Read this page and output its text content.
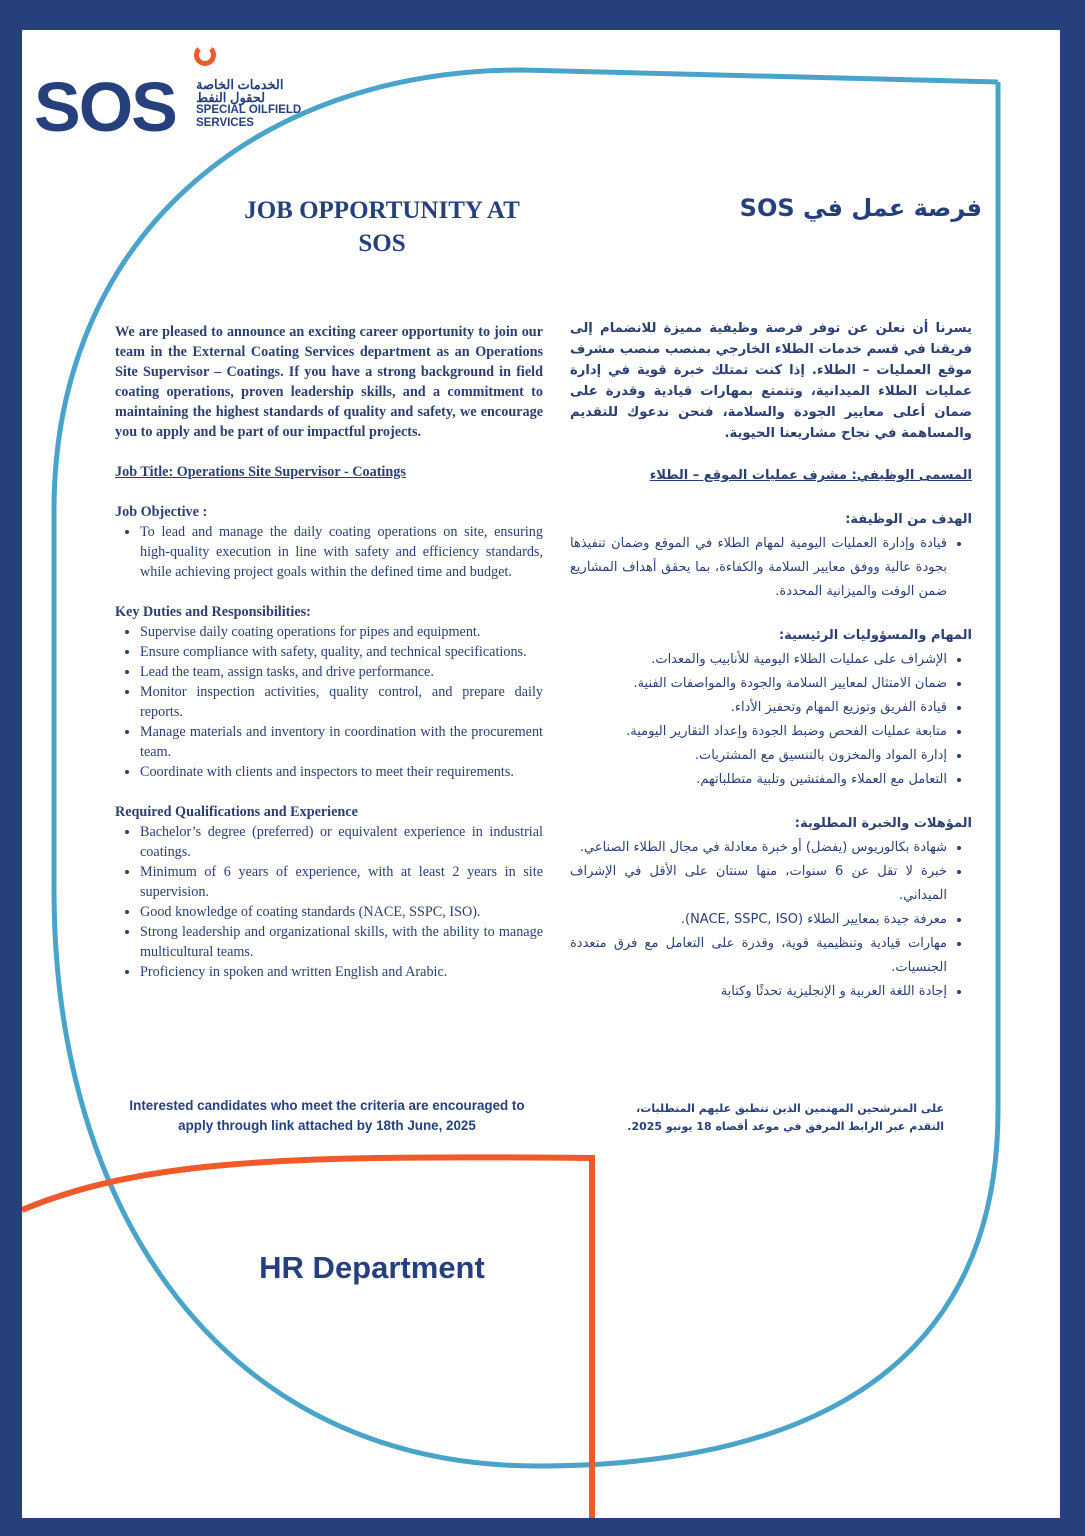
SOS الخدمات الخاصة
لحقول النفط
SPECIAL OILFIELD
SERVICES
JOB OPPORTUNITY AT SOS
فرصة عمل في SOS

We are pleased to announce an exciting career opportunity to join our team in the External Coating Services department as an Operations Site Supervisor – Coatings. If you have a strong background in field coating operations, proven leadership skills, and a commitment to maintaining the highest standards of quality and safety, we encourage you to apply and be part of our impactful projects.

Job Title: Operations Site Supervisor - Coatings

Job Objective :

• To lead and manage the daily coating operations on site, ensuring high-quality execution in line with safety and efficiency standards, while achieving project goals within the defined time and budget.

Key Duties and Responsibilities:

• Supervise daily coating operations for pipes and equipment.
• Ensure compliance with safety, quality, and technical specifications.
• Lead the team, assign tasks, and drive performance.
• Monitor inspection activities, quality control, and prepare daily reports.
• Manage materials and inventory in coordination with the procurement team.
• Coordinate with clients and inspectors to meet their requirements.

Required Qualifications and Experience

• Bachelor’s degree (preferred) or equivalent experience in industrial coatings.
• Minimum of 6 years of experience, with at least 2 years in site supervision.
• Good knowledge of coating standards (NACE, SSPC, ISO).
• Strong leadership and organizational skills, with the ability to manage multicultural teams.
• Proficiency in spoken and written English and Arabic.

يسرنا أن نعلن عن توفر فرصة وظيفية مميزة للانضمام إلى فريقنا في قسم خدمات الطلاء الخارجي بمنصب منصب مشرف موقع العمليات – الطلاء. إذا كنت تمتلك خبرة قوية في إدارة عمليات الطلاء الميدانية، وتتمتع بمهارات قيادية وقدرة على ضمان أعلى معايير الجودة والسلامة، فنحن ندعوك للتقديم والمساهمة في نجاح مشاريعنا الحيوية.

المسمى الوظيفي: مشرف عمليات الموقع – الطلاء

الهدف من الوظيفة:

• قيادة وإدارة العمليات اليومية لمهام الطلاء في الموقع وضمان تنفيذها بجودة عالية ووفق معايير السلامة والكفاءة، بما يحقق أهداف المشاريع ضمن الوقت والميزانية المحددة.

المهام والمسؤوليات الرئيسية:

• الإشراف على عمليات الطلاء اليومية للأنابيب والمعدات.
• ضمان الامتثال لمعايير السلامة والجودة والمواصفات الفنية.
• قيادة الفريق وتوزيع المهام وتحفيز الأداء.
• متابعة عمليات الفحص وضبط الجودة وإعداد التقارير اليومية.
• إدارة المواد والمخزون بالتنسيق مع المشتريات.
• التعامل مع العملاء والمفتشين وتلبية متطلباتهم.

المؤهلات والخبرة المطلوبة:

• شهادة بكالوريوس (يفضل) أو خبرة معادلة في مجال الطلاء الصناعي.
• خبرة لا تقل عن 6 سنوات، منها سنتان على الأقل في الإشراف الميداني.
• معرفة جيدة بمعايير الطلاء (NACE, SSPC, ISO).
• مهارات قيادية وتنظيمية قوية، وقدرة على التعامل مع فرق متعددة الجنسيات.
• إجادة اللغة العربية و الإنجليزية تحدثًا وكتابة
Interested candidates who meet the criteria are encouraged to
apply through link attached by 18th June, 2025
على المترشحين المهتمين الذين تنطبق عليهم المتطلبات،
التقدم عبر الرابط المرفق في موعد أقصاه 18 يونيو 2025.
HR Department
